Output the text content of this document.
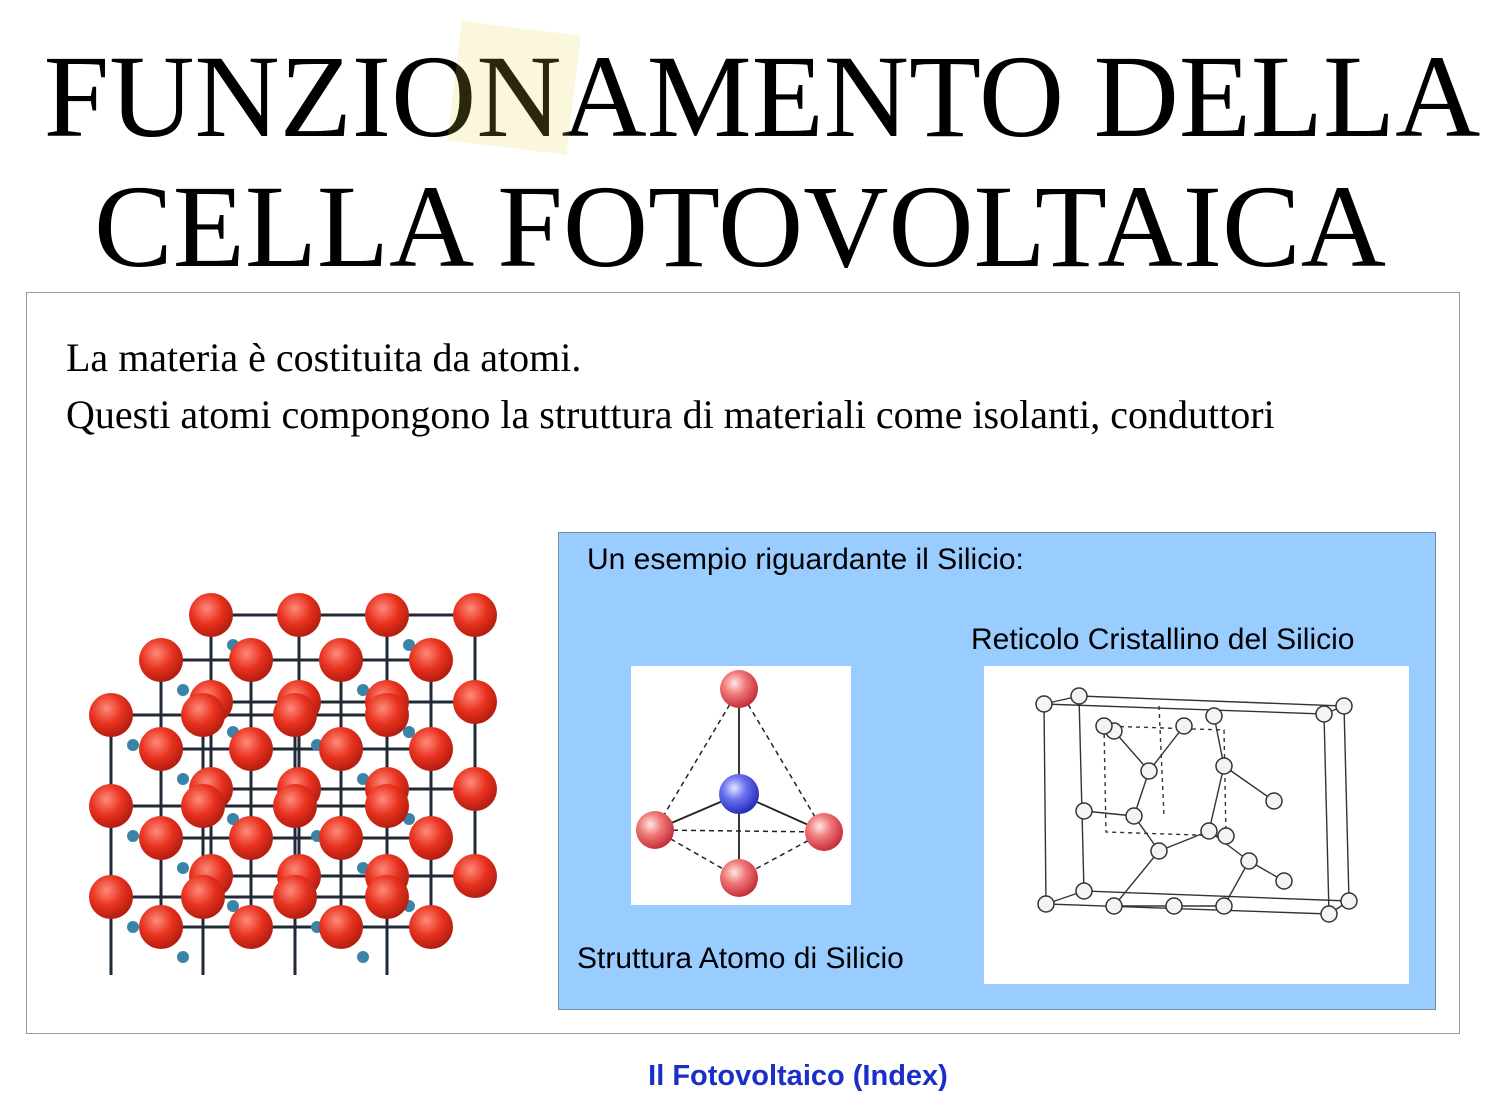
FUNZIONAMENTO DELLA
CELLA FOTOVOLTAICA
La materia è costituita da atomi.
Questi atomi compongono la struttura di materiali come isolanti, conduttori
Un esempio riguardante il Silicio:
Reticolo Cristallino del Silicio
Struttura Atomo di Silicio
Il Fotovoltaico (Index)
